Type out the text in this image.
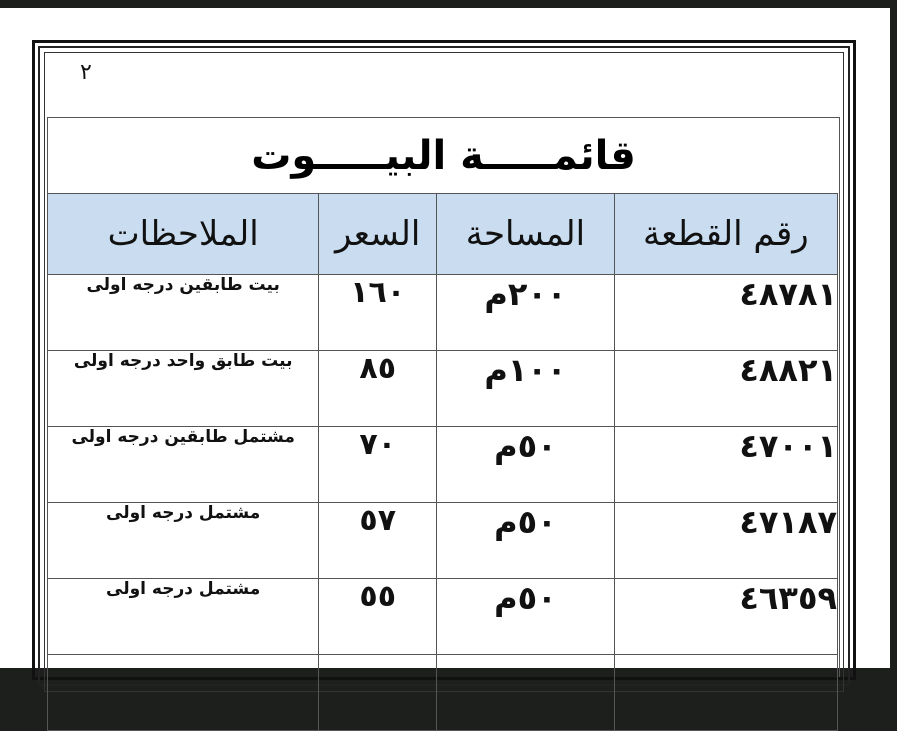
٢
قائمـــــة البيـــــوت
رقم القطعة	المساحة	السعر	الملاحظات
٤٨٧٨١	٢٠٠م	١٦٠	بيت طابقين درجه اولى
٤٨٨٢١	١٠٠م	٨٥	بيت طابق واحد درجه اولى
٤٧٠٠١	٥٠م	٧٠	مشتمل طابقين درجه اولى
٤٧١٨٧	٥٠م	٥٧	مشتمل درجه اولى
٤٦٣٥٩	٥٠م	٥٥	مشتمل درجه اولى
